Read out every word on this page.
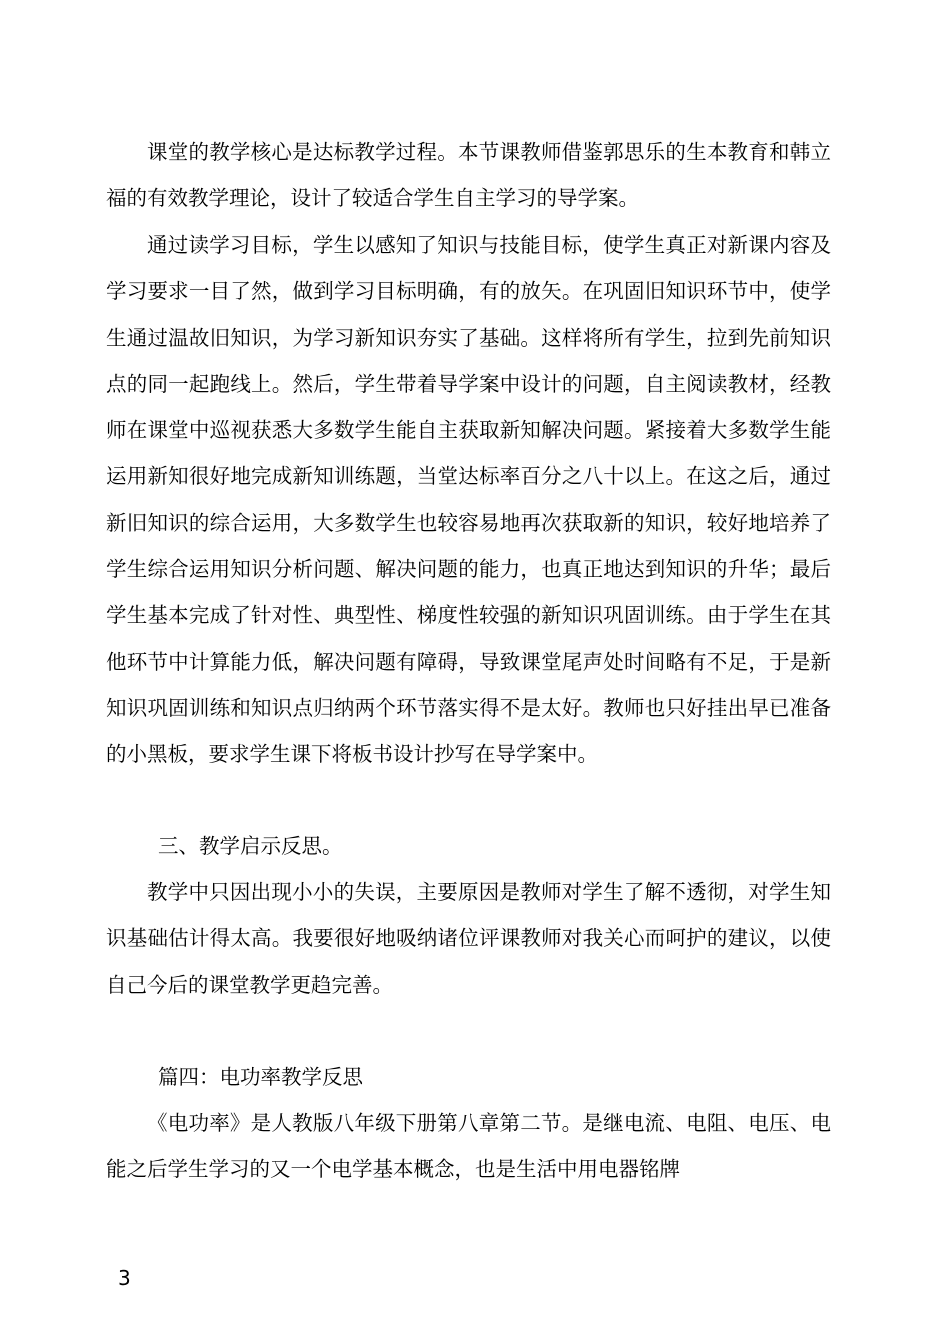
课堂的教学核心是达标教学过程。本节课教师借鉴郭思乐的生本教育和韩立福的有效教学理论，设计了较适合学生自主学习的导学案。

通过读学习目标，学生以感知了知识与技能目标，使学生真正对新课内容及学习要求一目了然，做到学习目标明确，有的放矢。在巩固旧知识环节中，使学生通过温故旧知识，为学习新知识夯实了基础。这样将所有学生，拉到先前知识点的同一起跑线上。然后，学生带着导学案中设计的问题，自主阅读教材，经教师在课堂中巡视获悉大多数学生能自主获取新知解决问题。紧接着大多数学生能运用新知很好地完成新知训练题，当堂达标率百分之八十以上。在这之后，通过新旧知识的综合运用，大多数学生也较容易地再次获取新的知识，较好地培养了学生综合运用知识分析问题、解决问题的能力，也真正地达到知识的升华；最后学生基本完成了针对性、典型性、梯度性较强的新知识巩固训练。由于学生在其他环节中计算能力低，解决问题有障碍，导致课堂尾声处时间略有不足，于是新知识巩固训练和知识点归纳两个环节落实得不是太好。教师也只好挂出早已准备的小黑板，要求学生课下将板书设计抄写在导学案中。

三、教学启示反思。

教学中只因出现小小的失误，主要原因是教师对学生了解不透彻，对学生知识基础估计得太高。我要很好地吸纳诸位评课教师对我关心而呵护的建议，以使自己今后的课堂教学更趋完善。

篇四：电功率教学反思

《电功率》是人教版八年级下册第八章第二节。是继电流、电阻、电压、电能之后学生学习的又一个电学基本概念，也是生活中用电器铭牌

3
